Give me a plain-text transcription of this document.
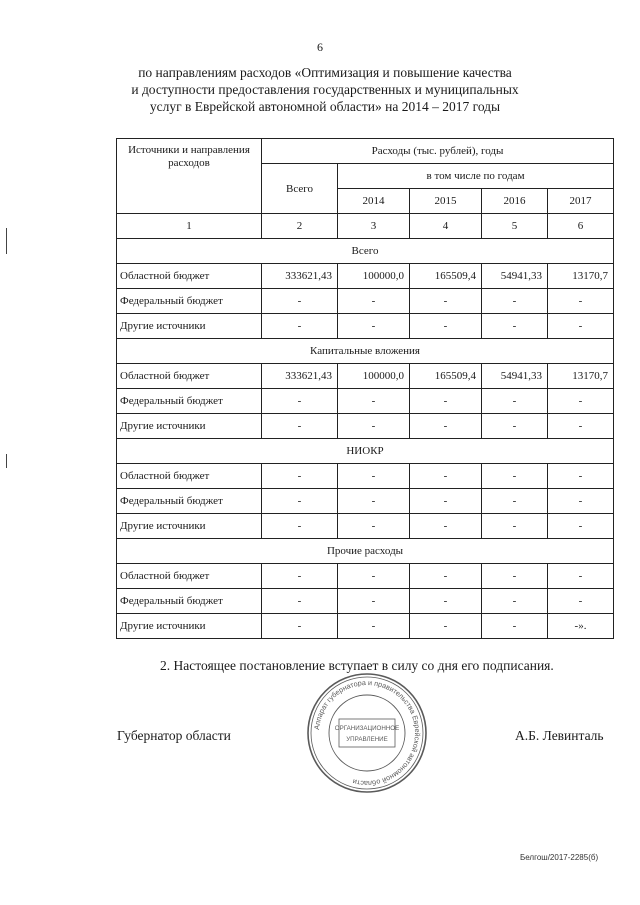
6
по направлениям расходов «Оптимизация и повышение качества
и доступности предоставления государственных и муниципальных
услуг в Еврейской автономной области» на 2014 – 2017 годы
Источники и направления расходов	Расходы (тыс. рублей), годы				
	Всего	в том числе по годам			
		2014	2015	2016	2017
1	2	3	4	5	6
Всего					
Областной бюджет	333621,43	100000,0	165509,4	54941,33	13170,7
Федеральный бюджет	-	-	-	-	-
Другие источники	-	-	-	-	-
Капитальные вложения					
Областной бюджет	333621,43	100000,0	165509,4	54941,33	13170,7
Федеральный бюджет	-	-	-	-	-
Другие источники	-	-	-	-	-
НИОКР					
Областной бюджет	-	-	-	-	-
Федеральный бюджет	-	-	-	-	-
Другие источники	-	-	-	-	-
Прочие расходы					
Областной бюджет	-	-	-	-	-
Федеральный бюджет	-	-	-	-	-
Другие источники	-	-	-	-	-».
2. Настоящее постановление вступает в силу со дня его подписания.
Губернатор области	А.Б. Левинталь
Аппарат губернатора и правительства Еврейской автономной области
ОРГАНИЗАЦИОННОЕ
УПРАВЛЕНИЕ
Белгош/2017-2285(б)
